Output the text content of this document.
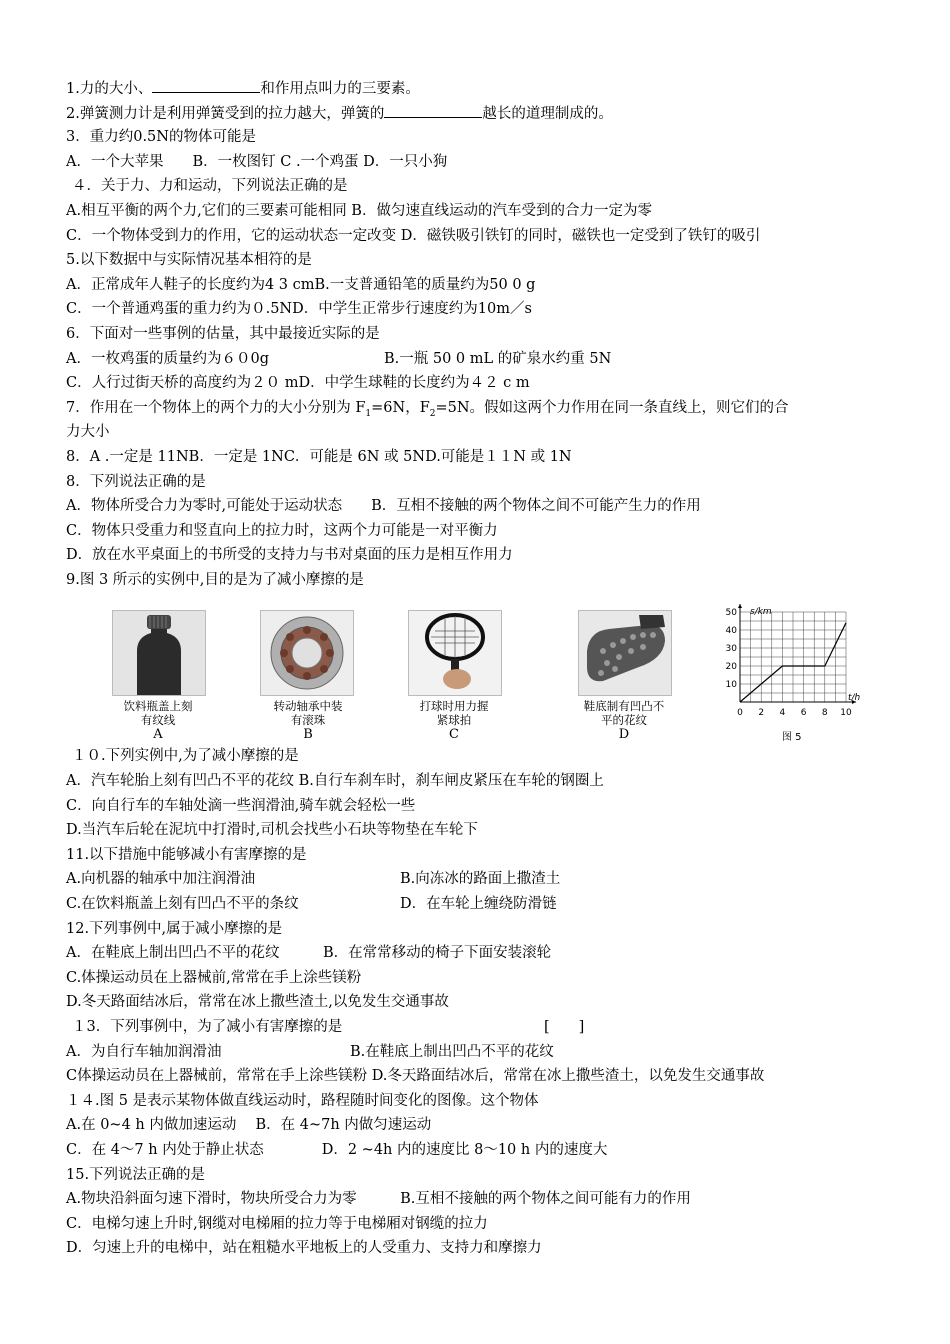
1.力的大小、	和作用点叫力的三要素。
2.弹簧测力计是利用弹簧受到的拉力越大，弹簧的	越长的道理制成的。
3．重力约0.5N的物体可能是
A．一个大苹果　　B．一枚图钉 C .一个鸡蛋 D．一只小狗
４．关于力、力和运动，下列说法正确的是
A.相互平衡的两个力,它们的三要素可能相同 B．做匀速直线运动的汽车受到的合力一定为零
C．一个物体受到力的作用，它的运动状态一定改变 D．磁铁吸引铁钉的同时，磁铁也一定受到了铁钉的吸引
5.以下数据中与实际情况基本相符的是
A．正常成年人鞋子的长度约为4 3 cmB.一支普通铅笔的质量约为50 0 g
C．一个普通鸡蛋的重力约为０.5ND．中学生正常步行速度约为10m／s
6．下面对一些事例的估量，其中最接近实际的是
A．一枚鸡蛋的质量约为６０0g	B.一瓶 50 0 mL 的矿泉水约重 5N
C．人行过街天桥的高度约为２０ mD．中学生球鞋的长度约为４２ c m
7．作用在一个物体上的两个力的大小分别为 $F_1=6N$，$F_2=5N$。假如这两个力作用在同一条直线上，则它们的合
力大小
8．A .一定是 11NB．一定是 1NC．可能是 6N 或 5ND.可能是１１N 或 1N
8．下列说法正确的是
A．物体所受合力为零时,可能处于运动状态　　B．互相不接触的两个物体之间不可能产生力的作用
C．物体只受重力和竖直向上的拉力时，这两个力可能是一对平衡力
D．放在水平桌面上的书所受的支持力与书对桌面的压力是相互作用力
9.图 3 所示的实例中,目的是为了减小摩擦的是
饮料瓶盖上刻
有纹线
A
转动轴承中装
有滚珠
B
打球时用力握
紧球拍
C
鞋底制有凹凸不
平的花纹
D
10
20
30
40
50
0 2 4 6 8 10
s/km
t/h
图 5
１０.下列实例中,为了减小摩擦的是
A．汽车轮胎上刻有凹凸不平的花纹 B.自行车刹车时，刹车闸皮紧压在车轮的钢圈上
C．向自行车的车轴处滴一些润滑油,骑车就会轻松一些
D.当汽车后轮在泥坑中打滑时,司机会找些小石块等物垫在车轮下
11.以下措施中能够减小有害摩擦的是
A.向机器的轴承中加注润滑油	B.向冻冰的路面上撒渣土
C.在饮料瓶盖上刻有凹凸不平的条纹	D．在车轮上缠绕防滑链
12.下列事例中,属于减小摩擦的是
A．在鞋底上制出凹凸不平的花纹　　　B．在常常移动的椅子下面安装滚轮
C.体操运动员在上器械前,常常在手上涂些镁粉
D.冬天路面结冰后，常常在冰上撒些渣土,以免发生交通事故
１3．下列事例中，为了减小有害摩擦的是	[　　]
A．为自行车轴加润滑油	B.在鞋底上制出凹凸不平的花纹
C体操运动员在上器械前，常常在手上涂些镁粉 D.冬天路面结冰后，常常在冰上撒些渣土，以免发生交通事故
１４.图 5 是表示某物体做直线运动时，路程随时间变化的图像。这个物体
A.在 0~4 h 内做加速运动　 B．在 4~7h 内做匀速运动
C．在 4～7 h 内处于静止状态　　　　D．2 ~4h 内的速度比 8～10 h 内的速度大
15.下列说法正确的是
A.物块沿斜面匀速下滑时，物块所受合力为零　　　B.互相不接触的两个物体之间可能有力的作用
C．电梯匀速上升时,钢缆对电梯厢的拉力等于电梯厢对钢缆的拉力
D．匀速上升的电梯中，站在粗糙水平地板上的人受重力、支持力和摩擦力
